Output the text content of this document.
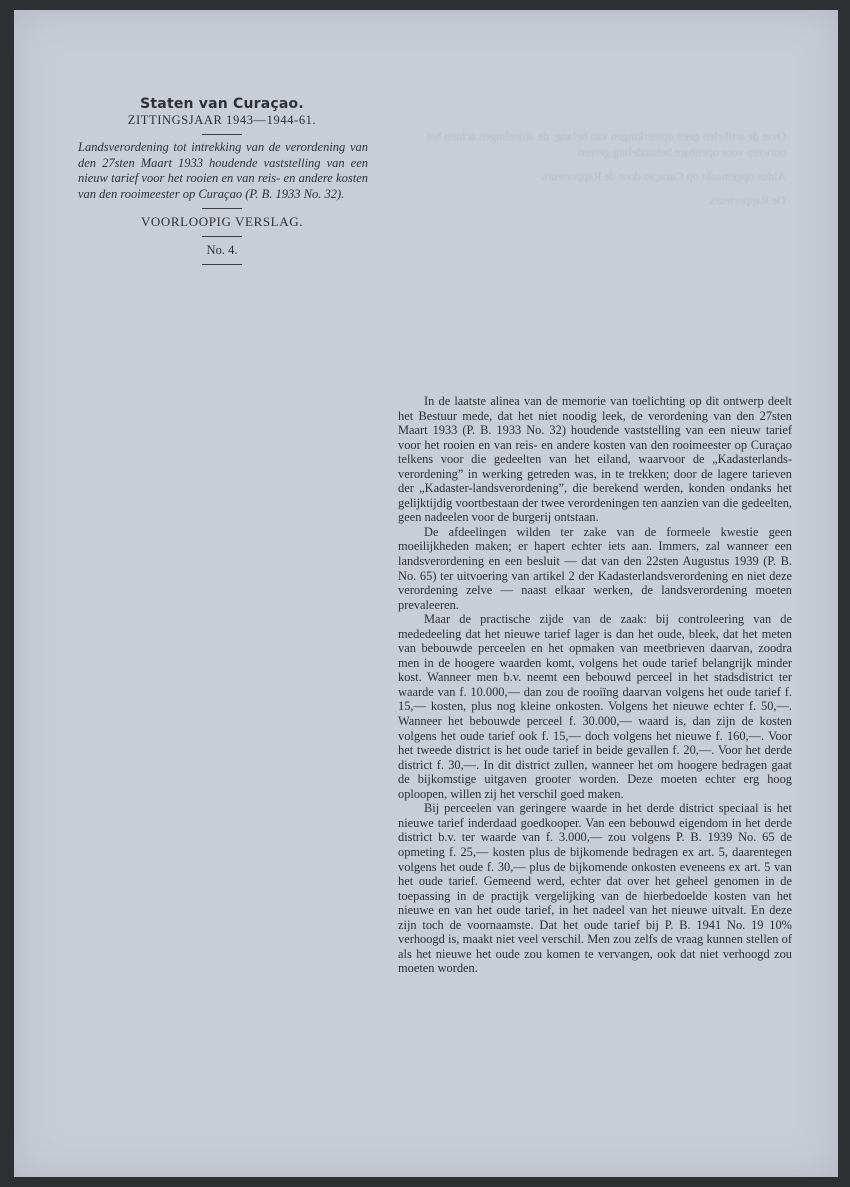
Over de artikelen geen opmerkingen van belang; de afdeelingen achten het ontwerp voor openbare behandeling gereed.

Aldus opgemaakt op Curaçao door de Rapporteurs.

De Rapporteurs.

Staten van Curaçao.
ZITTINGSJAAR 1943—1944-61.
Landsverordening tot intrekking van de verordening van den 27sten Maart 1933 houdende vaststelling van een nieuw tarief voor het rooien en van reis- en andere kosten van den rooimeester op Curaçao (P. B. 1933 No. 32).
VOORLOOPIG VERSLAG.
No. 4.

In de laatste alinea van de memorie van toelichting op dit ontwerp deelt het Bestuur mede, dat het niet noodig leek, de verordening van den 27sten Maart 1933 (P. B. 1933 No. 32) houdende vaststelling van een nieuw tarief voor het rooien en van reis- en andere kosten van den rooimeester op Curaçao telkens voor die gedeelten van het eiland, waarvoor de „Kadasterlands-verordening” in werking getreden was, in te trekken; door de lagere tarieven der „Kadaster-landsverordening”, die berekend werden, konden ondanks het gelijktijdig voortbestaan der twee verordeningen ten aanzien van die gedeelten, geen nadeelen voor de burgerij ontstaan.

De afdeelingen wilden ter zake van de formeele kwestie geen moeilijkheden maken; er hapert echter iets aan. Immers, zal wanneer een landsverordening en een besluit — dat van den 22sten Augustus 1939 (P. B. No. 65) ter uitvoering van artikel 2 der Kadasterlandsverordening en niet deze verordening zelve — naast elkaar werken, de landsverordening moeten prevaleeren.

Maar de practische zijde van de zaak: bij controleering van de mededeeling dat het nieuwe tarief lager is dan het oude, bleek, dat het meten van bebouwde perceelen en het opmaken van meetbrieven daarvan, zoodra men in de hoogere waarden komt, volgens het oude tarief belangrijk minder kost. Wanneer men b.v. neemt een bebouwd perceel in het stadsdistrict ter waarde van f. 10.000,— dan zou de rooiïng daarvan volgens het oude tarief f. 15,— kosten, plus nog kleine onkosten. Volgens het nieuwe echter f. 50,—. Wanneer het bebouwde perceel f. 30.000,— waard is, dan zijn de kosten volgens het oude tarief ook f. 15,— doch volgens het nieuwe f. 160,—. Voor het tweede district is het oude tarief in beide gevallen f. 20,—. Voor het derde district f. 30,—. In dit district zullen, wanneer het om hoogere bedragen gaat de bijkomstige uitgaven grooter worden. Deze moeten echter erg hoog oploopen, willen zij het verschil goed maken.

Bij perceelen van geringere waarde in het derde district speciaal is het nieuwe tarief inderdaad goedkooper. Van een bebouwd eigendom in het derde district b.v. ter waarde van f. 3.000,— zou volgens P. B. 1939 No. 65 de opmeting f. 25,— kosten plus de bijkomende bedragen ex art. 5, daarentegen volgens het oude f. 30,— plus de bijkomende onkosten eveneens ex art. 5 van het oude tarief. Gemeend werd, echter dat over het geheel genomen in de toepassing in de practijk vergelijking van de hierbedoelde kosten van het nieuwe en van het oude tarief, in het nadeel van het nieuwe uitvalt. En deze zijn toch de voornaamste. Dat het oude tarief bij P. B. 1941 No. 19 10% verhoogd is, maakt niet veel verschil. Men zou zelfs de vraag kunnen stellen of als het nieuwe het oude zou komen te vervangen, ook dat niet verhoogd zou moeten worden.
